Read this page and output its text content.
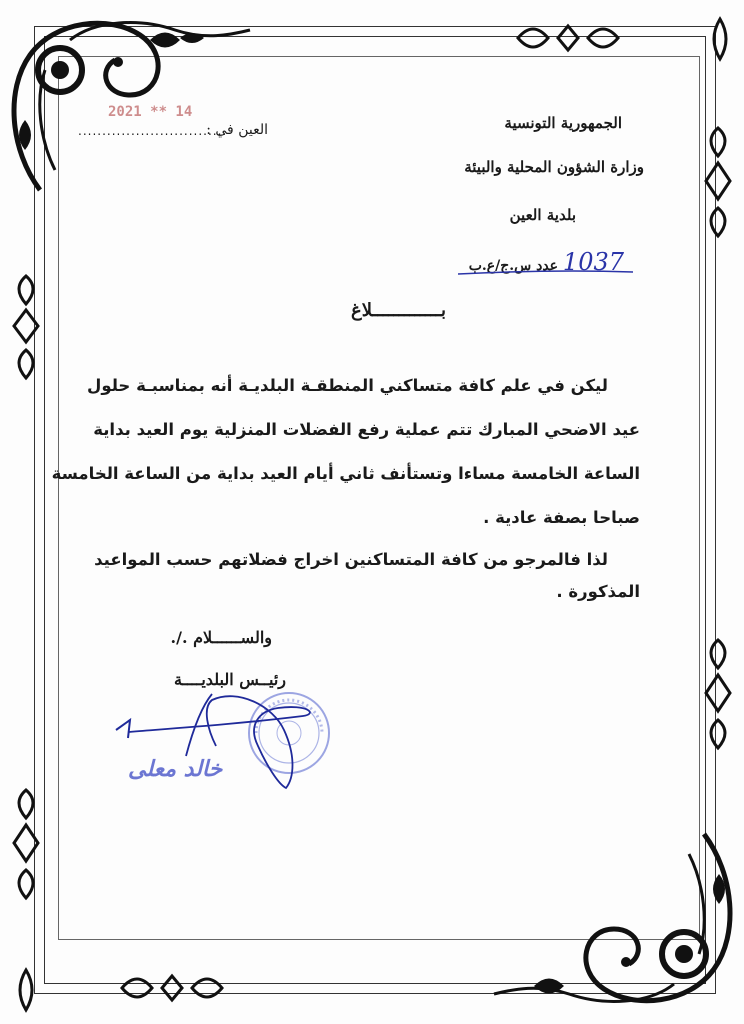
الجمهورية التونسية
وزارة الشؤون المحلية والبيئة
بلدية العين
1037 عدد س.ج/ع.ب
2021 ** 14
العين في :
...............................
بـــــــــــــلاغ
ليكن في علم كافة متساكني المنطقـة البلديـة أنه بمناسبـة حلول
عيد الاضحي المبارك تتم عملية رفع الفضلات المنزلية يوم العيد بداية
الساعة الخامسة مساءا وتستأنف ثاني أيام العيد بداية من الساعة الخامسة
صباحا بصفة عادية .
لذا فالمرجو من كافة المتساكنين اخراج فضلاتهم حسب المواعيد
المذكورة .
والســــــلام ./.
رئيــس البلديــــة
خالد معلى
